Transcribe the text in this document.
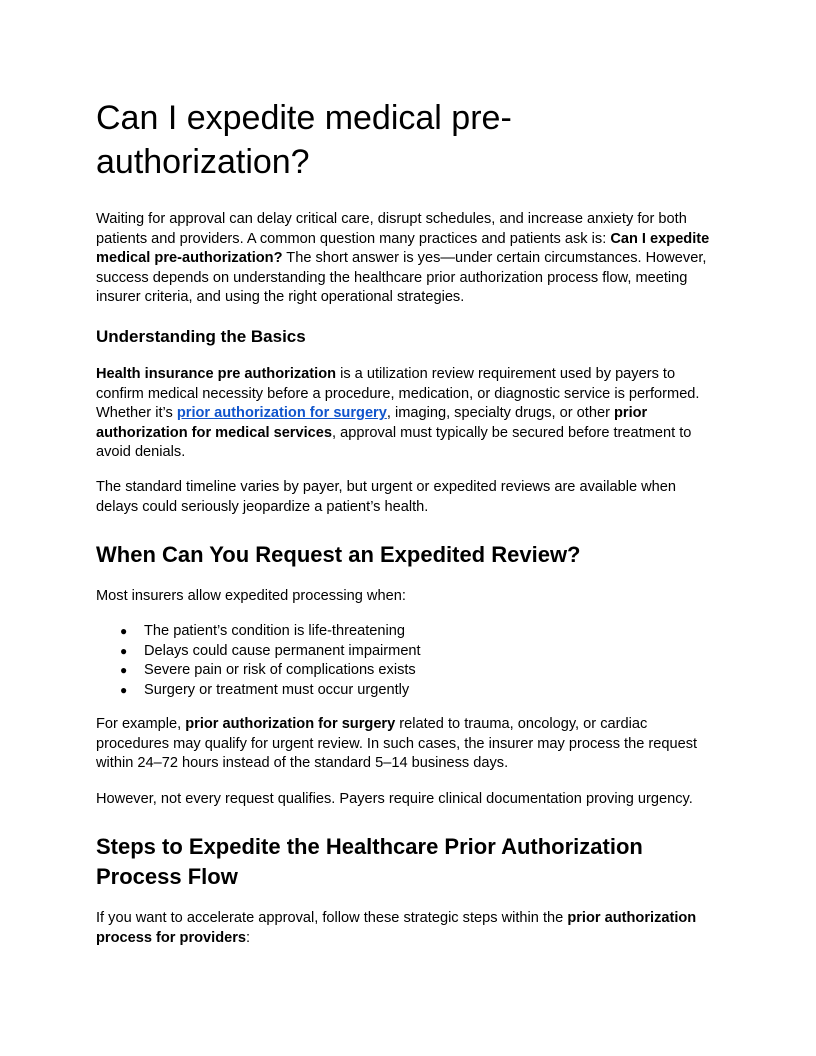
Can I expedite medical pre-authorization?

Waiting for approval can delay critical care, disrupt schedules, and increase anxiety for both patients and providers. A common question many practices and patients ask is: Can I expedite medical pre-authorization? The short answer is yes—under certain circumstances. However, success depends on understanding the healthcare prior authorization process flow, meeting insurer criteria, and using the right operational strategies.

Understanding the Basics

Health insurance pre authorization is a utilization review requirement used by payers to confirm medical necessity before a procedure, medication, or diagnostic service is performed. Whether it’s prior authorization for surgery, imaging, specialty drugs, or other prior authorization for medical services, approval must typically be secured before treatment to avoid denials.

The standard timeline varies by payer, but urgent or expedited reviews are available when delays could seriously jeopardize a patient’s health.

When Can You Request an Expedited Review?

Most insurers allow expedited processing when:

● The patient’s condition is life-threatening
● Delays could cause permanent impairment
● Severe pain or risk of complications exists
● Surgery or treatment must occur urgently

For example, prior authorization for surgery related to trauma, oncology, or cardiac procedures may qualify for urgent review. In such cases, the insurer may process the request within 24–72 hours instead of the standard 5–14 business days.

However, not every request qualifies. Payers require clinical documentation proving urgency.

Steps to Expedite the Healthcare Prior Authorization Process Flow

If you want to accelerate approval, follow these strategic steps within the prior authorization process for providers:
